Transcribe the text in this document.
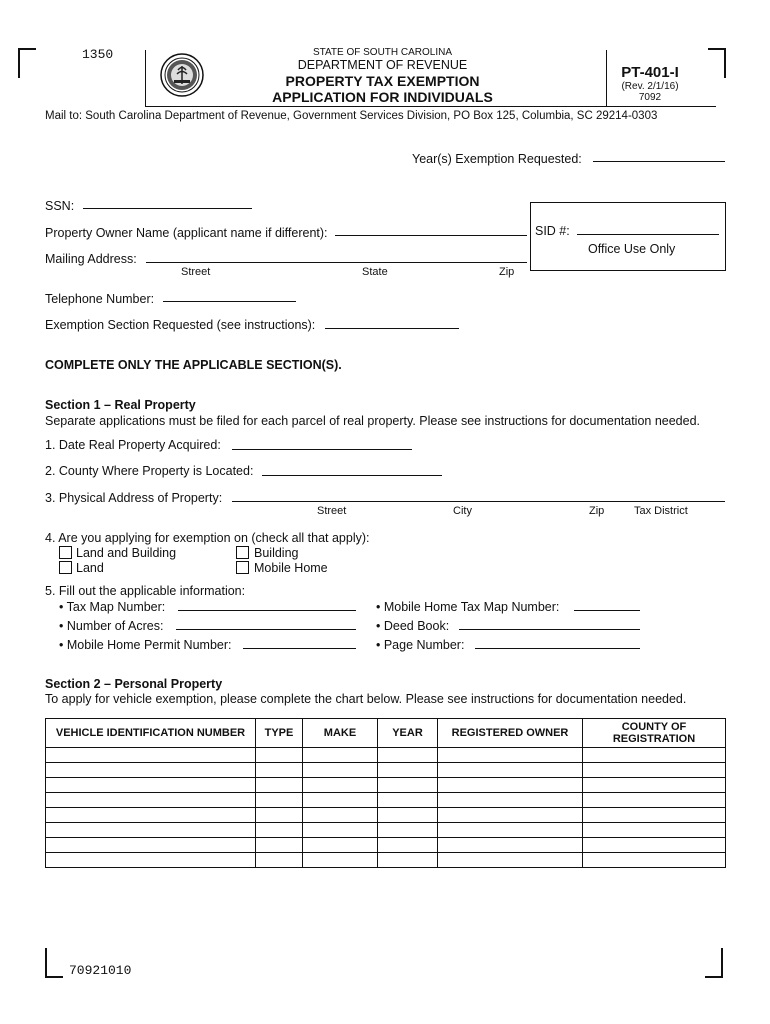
1350	STATE OF SOUTH CAROLINA
DEPARTMENT OF REVENUE
PROPERTY TAX EXEMPTION
APPLICATION FOR INDIVIDUALS
PT-401-I
(Rev. 2/1/16)
7092
Mail to: South Carolina Department of Revenue, Government Services Division, PO Box 125, Columbia, SC 29214-0303
Year(s) Exemption Requested:
SID #:
Office Use Only
SSN:
Property Owner Name (applicant name if different):
Mailing Address:
Street	State	Zip
Telephone Number:
Exemption Section Requested (see instructions):
COMPLETE ONLY THE APPLICABLE SECTION(S).
Section 1 – Real Property
Separate applications must be filed for each parcel of real property. Please see instructions for documentation needed.
1. Date Real Property Acquired:
2. County Where Property is Located:
3. Physical Address of Property:
Street	City	Zip	Tax District
4. Are you applying for exemption on (check all that apply):
Land and Building
Land
Building
Mobile Home
5. Fill out the applicable information:
• Tax Map Number:
• Number of Acres:
• Mobile Home Permit Number:
• Mobile Home Tax Map Number:
• Deed Book:
• Page Number:
Section 2 – Personal Property
To apply for vehicle exemption, please complete the chart below. Please see instructions for documentation needed.
VEHICLE IDENTIFICATION NUMBER	TYPE	MAKE	YEAR	REGISTERED OWNER	COUNTY OF REGISTRATION

70921010
